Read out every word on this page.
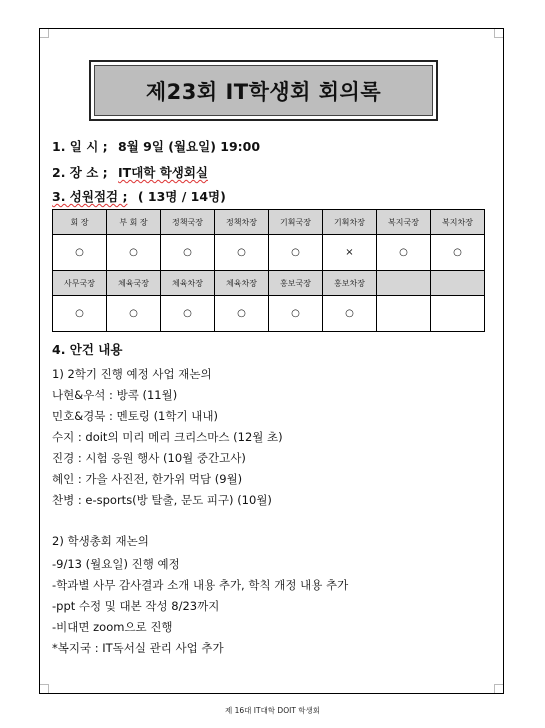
제23회 IT학생회 회의록
1. 일 시 ; 8월 9일 (월요일) 19:00
2. 장 소 ; IT대학 학생회실
3. 성원점검 ; ( 13명 / 14명)
회 장	부 회 장	정책국장	정책차장	기획국장	기획차장	복지국장	복지차장
○	○	○	○	○	×	○	○
사무국장	체육국장	체육차장	체육차장	홍보국장	홍보차장		
○	○	○	○	○	○		
4. 안건 내용
1) 2학기 진행 예정 사업 재논의
나현&우석 : 방콕 (11월)
민호&경묵 : 멘토링 (1학기 내내)
수지 : doit의 미리 메리 크리스마스 (12월 초)
진경 : 시험 응원 행사 (10월 중간고사)
혜인 : 가을 사진전, 한가위 먹담 (9월)
찬병 : e-sports(방 탈출, 문도 피구) (10월)
2) 학생총회 재논의
-9/13 (월요일) 진행 예정
-학과별 사무 감사결과 소개 내용 추가, 학칙 개정 내용 추가
-ppt 수정 및 대본 작성 8/23까지
-비대면 zoom으로 진행
*복지국 : IT독서실 관리 사업 추가
제 16대 IT대학 DOIT 학생회
